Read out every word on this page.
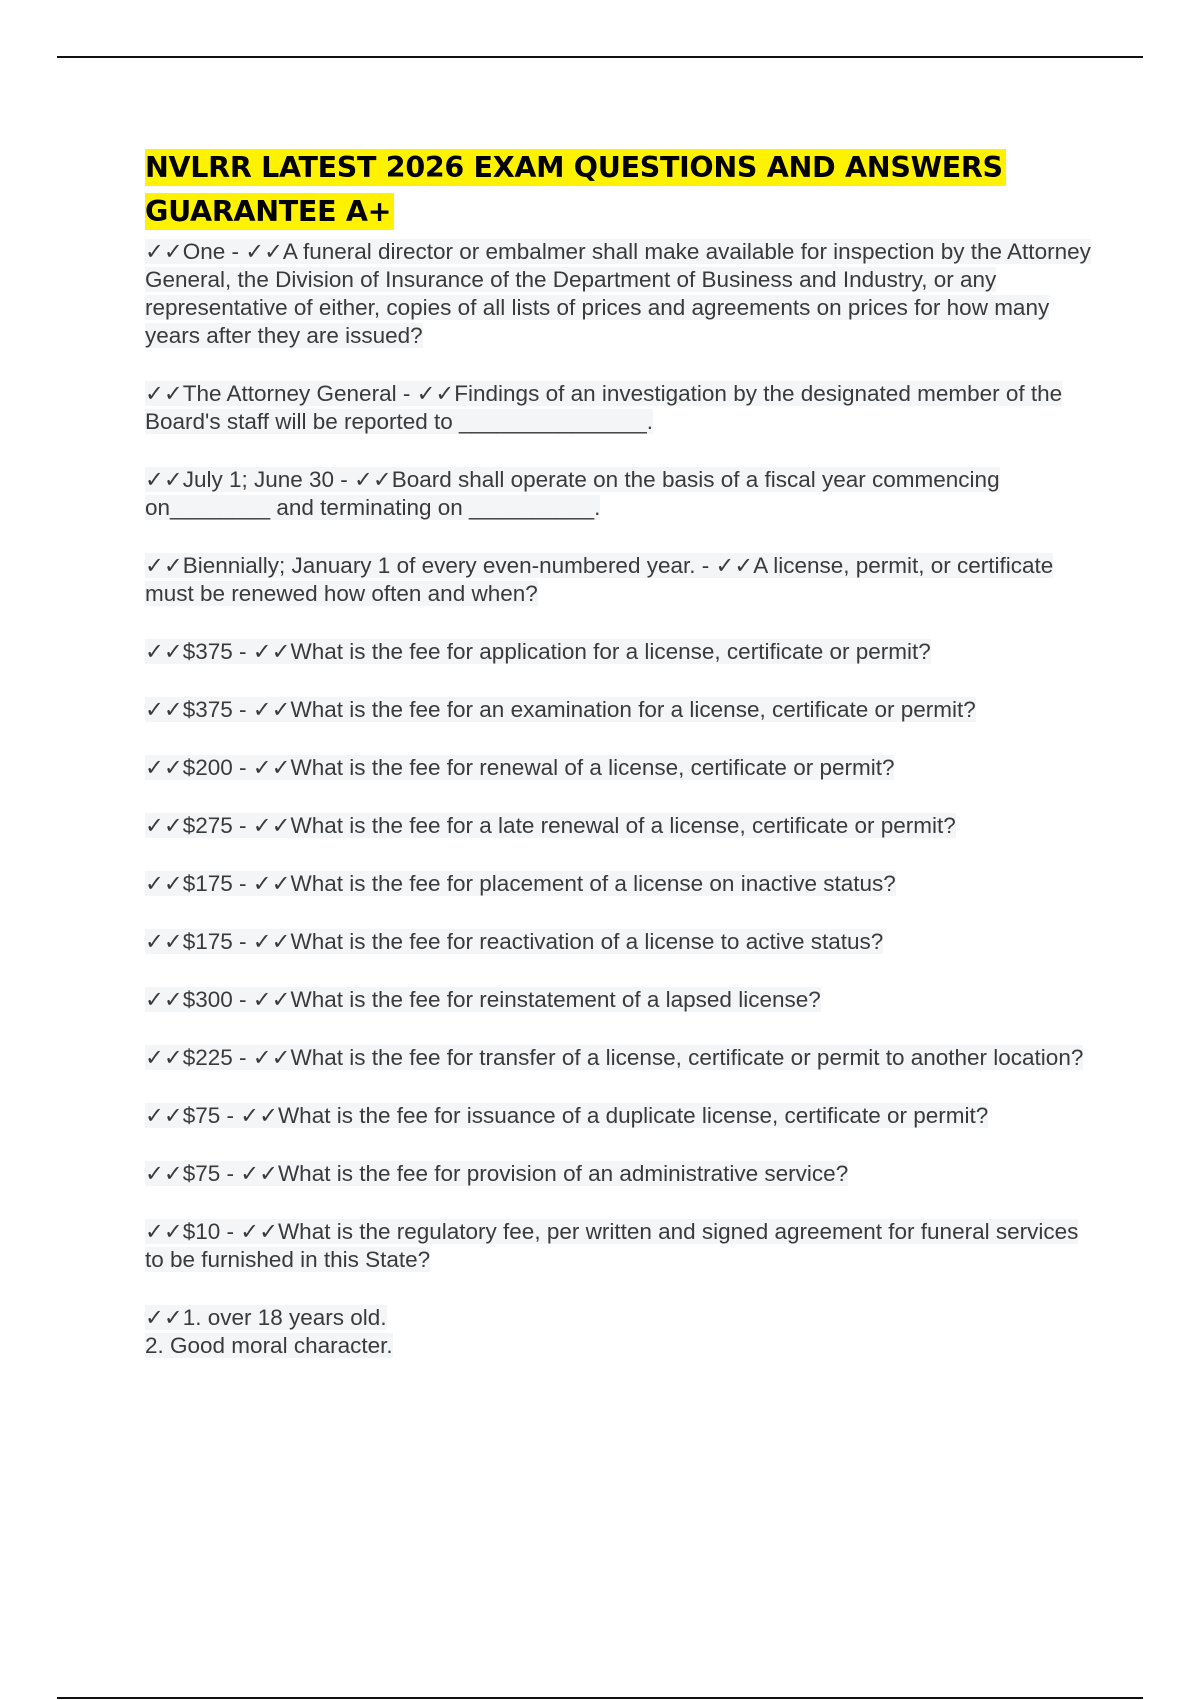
NVLRR LATEST 2026 EXAM QUESTIONS AND ANSWERS GUARANTEE A+

✓✓One - ✓✓A funeral director or embalmer shall make available for inspection by the Attorney General, the Division of Insurance of the Department of Business and Industry, or any representative of either, copies of all lists of prices and agreements on prices for how many years after they are issued?

✓✓The Attorney General - ✓✓Findings of an investigation by the designated member of the Board's staff will be reported to _______________.

✓✓July 1; June 30 - ✓✓Board shall operate on the basis of a fiscal year commencing on________ and terminating on __________.

✓✓Biennially; January 1 of every even-numbered year. - ✓✓A license, permit, or certificate must be renewed how often and when?

✓✓$375 - ✓✓What is the fee for application for a license, certificate or permit?

✓✓$375 - ✓✓What is the fee for an examination for a license, certificate or permit?

✓✓$200 - ✓✓What is the fee for renewal of a license, certificate or permit?

✓✓$275 - ✓✓What is the fee for a late renewal of a license, certificate or permit?

✓✓$175 - ✓✓What is the fee for placement of a license on inactive status?

✓✓$175 - ✓✓What is the fee for reactivation of a license to active status?

✓✓$300 - ✓✓What is the fee for reinstatement of a lapsed license?

✓✓$225 - ✓✓What is the fee for transfer of a license, certificate or permit to another location?

✓✓$75 - ✓✓What is the fee for issuance of a duplicate license, certificate or permit?

✓✓$75 - ✓✓What is the fee for provision of an administrative service?

✓✓$10 - ✓✓What is the regulatory fee, per written and signed agreement for funeral services to be furnished in this State?

✓✓1. over 18 years old.
2. Good moral character.
